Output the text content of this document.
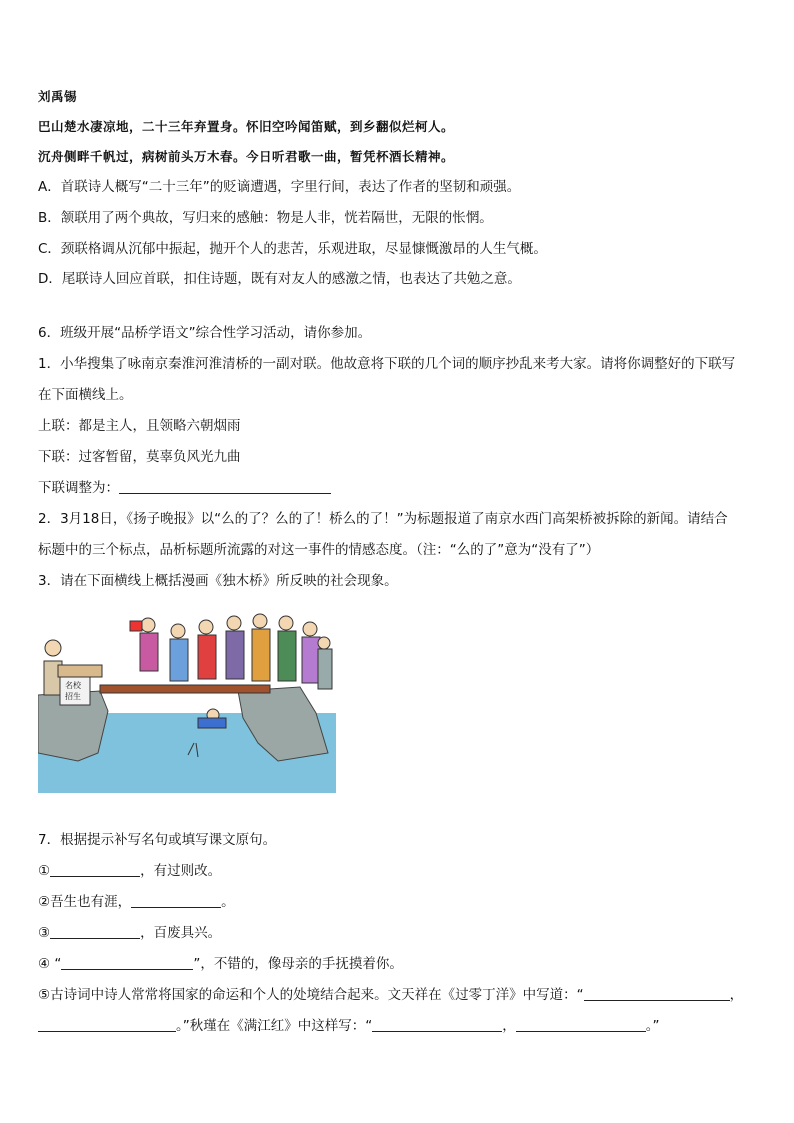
刘禹锡
巴山楚水凄凉地，二十三年弃置身。怀旧空吟闻笛赋，到乡翻似烂柯人。
沉舟侧畔千帆过，病树前头万木春。今日听君歌一曲，暂凭杯酒长精神。
A．首联诗人概写“二十三年”的贬谪遭遇，字里行间，表达了作者的坚韧和顽强。
B．颔联用了两个典故，写归来的感触：物是人非，恍若隔世，无限的怅惘。
C．颈联格调从沉郁中振起，抛开个人的悲苦，乐观进取，尽显慷慨激昂的人生气概。
D．尾联诗人回应首联，扣住诗题，既有对友人的感激之情，也表达了共勉之意。
6．班级开展“品桥学语文”综合性学习活动，请你参加。
1．小华搜集了咏南京秦淮河淮清桥的一副对联。他故意将下联的几个词的顺序抄乱来考大家。请将你调整好的下联写
在下面横线上。
上联：都是主人，且领略六朝烟雨
下联：过客暂留，莫辜负风光九曲
下联调整为：
2．3月18日，《扬子晚报》以“么的了？么的了！桥么的了！”为标题报道了南京水西门高架桥被拆除的新闻。请结合
标题中的三个标点，品析标题所流露的对这一事件的情感态度。（注：“么的了”意为“没有了”）
3．请在下面横线上概括漫画《独木桥》所反映的社会现象。
名校
招生
7．根据提示补写名句或填写课文原句。
①	，有过则改。
②吾生也有涯，	。
③	，百废具兴。
④ “	”，不错的，像母亲的手抚摸着你。
⑤古诗词中诗人常常将国家的命运和个人的处境结合起来。文天祥在《过零丁洋》中写道：“	，
。”秋瑾在《满江红》中这样写：“	，	。”
